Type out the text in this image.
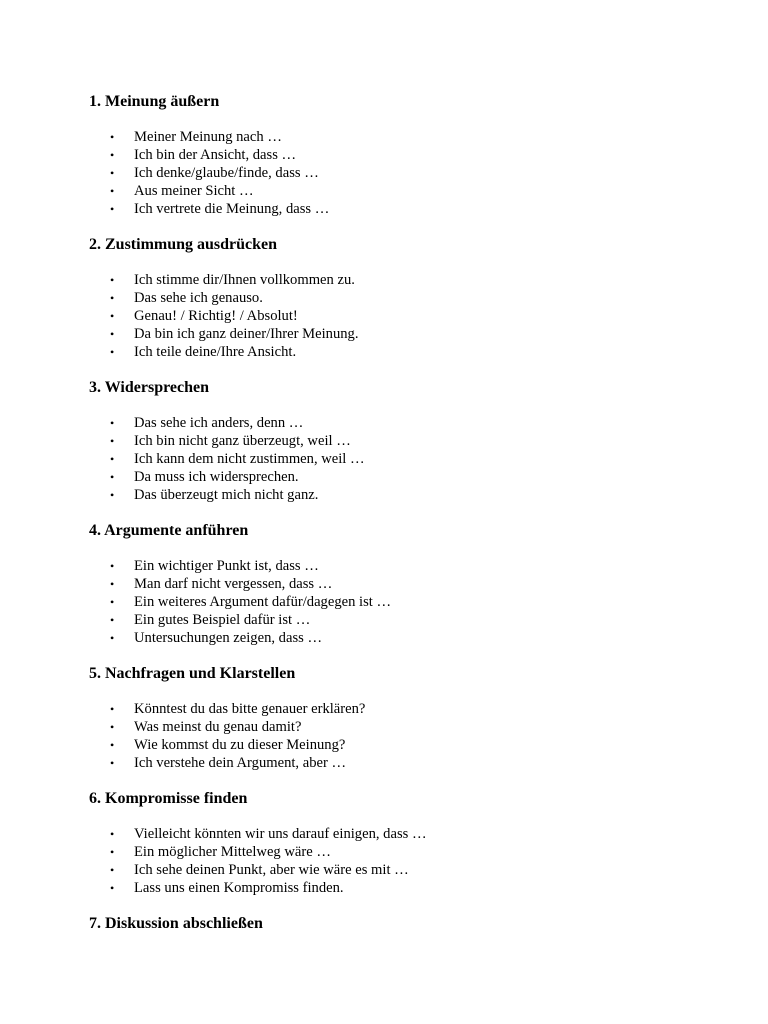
1. Meinung äußern
• Meiner Meinung nach …
• Ich bin der Ansicht, dass …
• Ich denke/glaube/finde, dass …
• Aus meiner Sicht …
• Ich vertrete die Meinung, dass …
2. Zustimmung ausdrücken
• Ich stimme dir/Ihnen vollkommen zu.
• Das sehe ich genauso.
• Genau! / Richtig! / Absolut!
• Da bin ich ganz deiner/Ihrer Meinung.
• Ich teile deine/Ihre Ansicht.
3. Widersprechen
• Das sehe ich anders, denn …
• Ich bin nicht ganz überzeugt, weil …
• Ich kann dem nicht zustimmen, weil …
• Da muss ich widersprechen.
• Das überzeugt mich nicht ganz.
4. Argumente anführen
• Ein wichtiger Punkt ist, dass …
• Man darf nicht vergessen, dass …
• Ein weiteres Argument dafür/dagegen ist …
• Ein gutes Beispiel dafür ist …
• Untersuchungen zeigen, dass …
5. Nachfragen und Klarstellen
• Könntest du das bitte genauer erklären?
• Was meinst du genau damit?
• Wie kommst du zu dieser Meinung?
• Ich verstehe dein Argument, aber …
6. Kompromisse finden
• Vielleicht könnten wir uns darauf einigen, dass …
• Ein möglicher Mittelweg wäre …
• Ich sehe deinen Punkt, aber wie wäre es mit …
• Lass uns einen Kompromiss finden.
7. Diskussion abschließen
